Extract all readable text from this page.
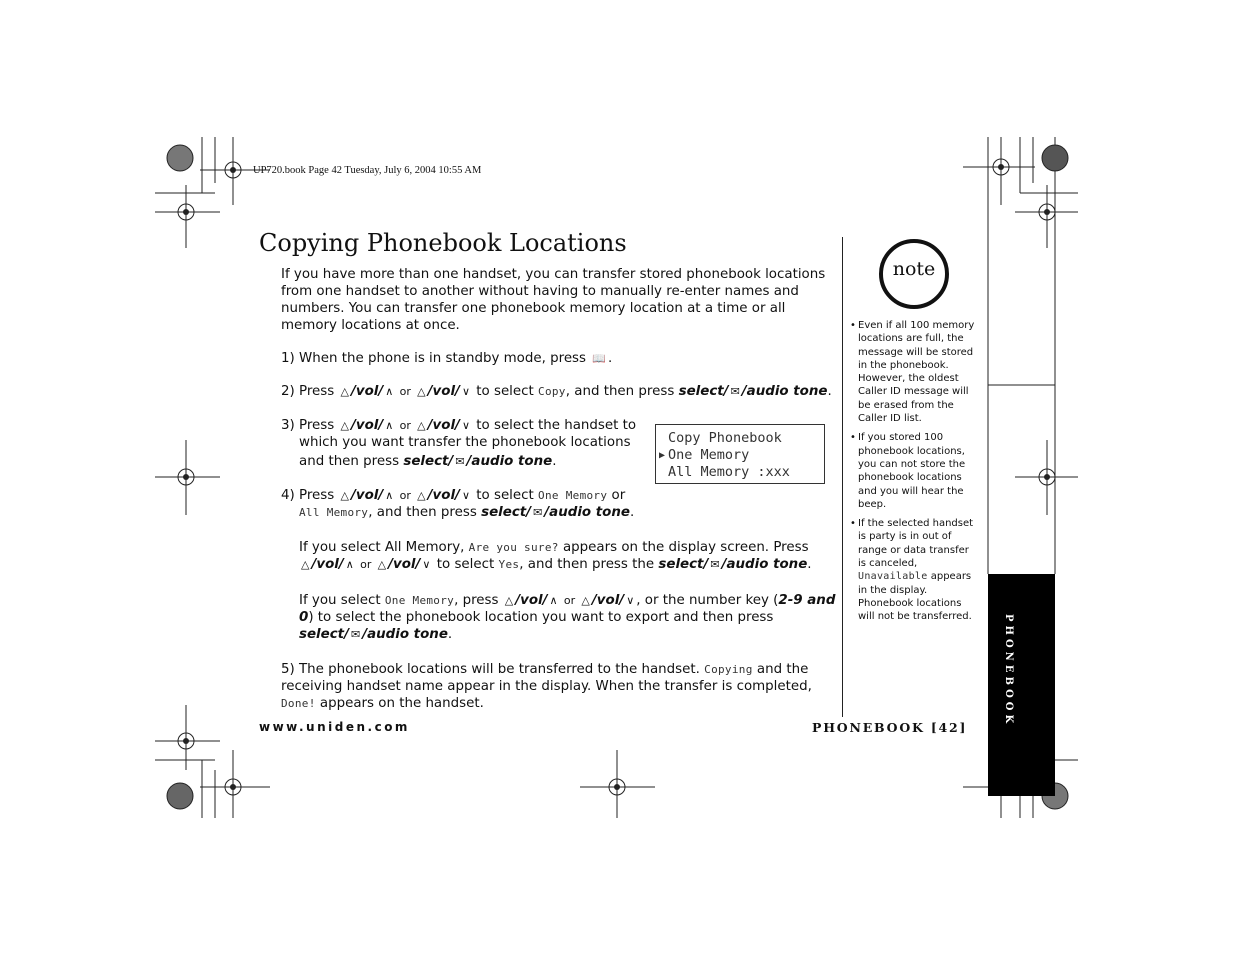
UP720.book Page 42 Tuesday, July 6, 2004 10:55 AM
Copying Phonebook Locations
If you have more than one handset, you can transfer stored phonebook locations from one handset to another without having to manually re-enter names and numbers. You can transfer one phonebook memory location at a time or all memory locations at once.
1) When the phone is in standby mode, press 📖 .
2) Press △ /vol/ ∧ or △ /vol/ ∨ to select Copy, and then press select/ ✉ /audio tone.
3) Press △ /vol/ ∧ or △ /vol/ ∨ to select the handset to
which you want transfer the phonebook locations
and then press select/ ✉ /audio tone.
Copy Phonebook
▶ One Memory
All Memory :xxx
4) Press △ /vol/ ∧ or △ /vol/ ∨ to select One Memory or
All Memory, and then press select/ ✉ /audio tone.
If you select All Memory, Are you sure? appears on the display screen. Press
△ /vol/ ∧ or △ /vol/ ∨ to select Yes, and then press the select/ ✉ /audio tone.
If you select One Memory, press △ /vol/ ∧ or △ /vol/ ∨ , or the number key (2-9 and 0) to select the phonebook location you want to export and then press
select/ ✉ /audio tone.
5) The phonebook locations will be transferred to the handset. Copying and the receiving handset name appear in the display. When the transfer is completed, Done! appears on the handset.
note
• Even if all 100 memory locations are full, the message will be stored in the phonebook. However, the oldest Caller ID message will be erased from the Caller ID list.
• If you stored 100 phonebook locations, you can not store the phonebook locations and you will hear the beep.
• If the selected handset is party is in out of range or data transfer is canceled, Unavailable appears in the display. Phonebook locations will not be transferred.	PHONEBOOK
www.uniden.com	PHONEBOOK [42]
